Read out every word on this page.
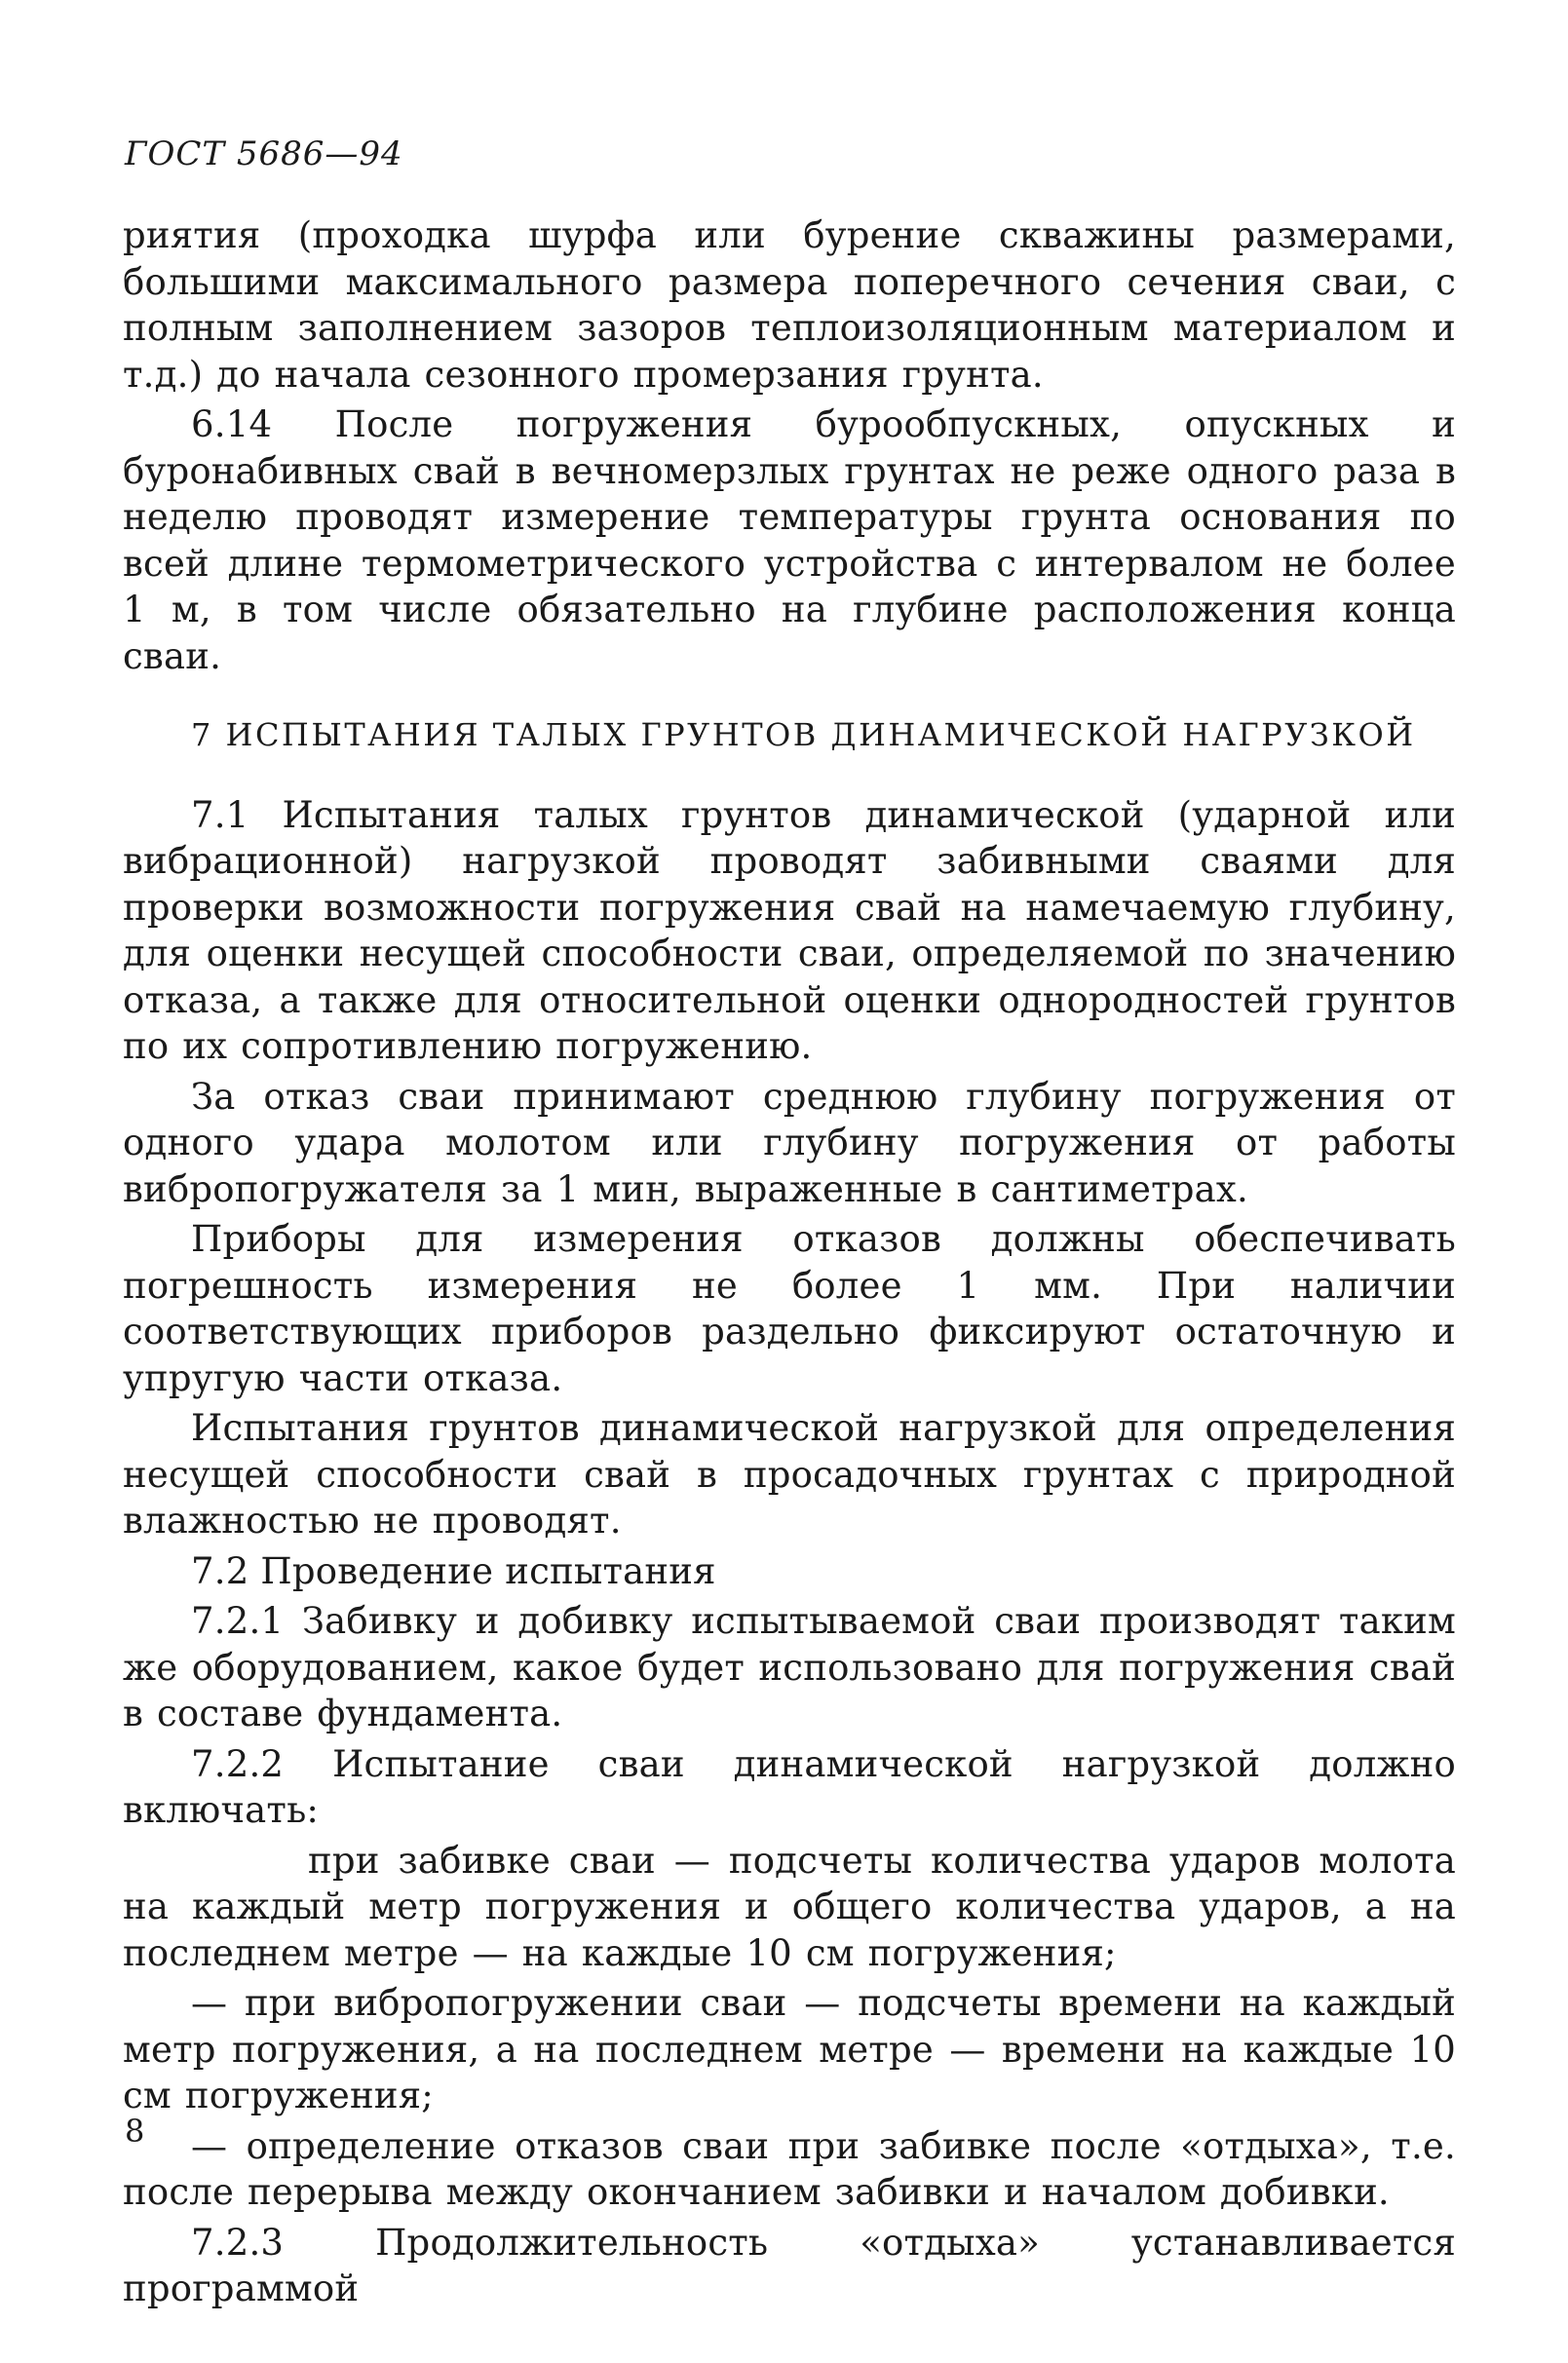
ГОСТ 5686—94

риятия (проходка шурфа или бурение скважины размерами, большими максимального размера поперечного сечения сваи, с полным заполнением зазоров теплоизоляционным материалом и т.д.) до начала сезонного промерзания грунта.

6.14 После погружения бурообпускных, опускных и буронабивных свай в вечномерзлых грунтах не реже одного раза в неделю проводят измерение температуры грунта основания по всей длине термометрического устройства с интервалом не более 1 м, в том числе обязательно на глубине расположения конца сваи.

7 ИСПЫТАНИЯ ТАЛЫХ ГРУНТОВ ДИНАМИЧЕСКОЙ НАГРУЗКОЙ

7.1 Испытания талых грунтов динамической (ударной или вибрационной) нагрузкой проводят забивными сваями для проверки возможности погружения свай на намечаемую глубину, для оценки несущей способности сваи, определяемой по значению отказа, а также для относительной оценки однородностей грунтов по их сопротивлению погружению.

За отказ сваи принимают среднюю глубину погружения от одного удара молотом или глубину погружения от работы вибропогружателя за 1 мин, выраженные в сантиметрах.

Приборы для измерения отказов должны обеспечивать погрешность измерения не более 1 мм. При наличии соответствующих приборов раздельно фиксируют остаточную и упругую части отказа.

Испытания грунтов динамической нагрузкой для определения несущей способности свай в просадочных грунтах с природной влажностью не проводят.

7.2 Проведение испытания

7.2.1 Забивку и добивку испытываемой сваи производят таким же оборудованием, какое будет использовано для погружения свай в составе фундамента.

7.2.2 Испытание сваи динамической нагрузкой должно включать:

при забивке сваи — подсчеты количества ударов молота на каждый метр погружения и общего количества ударов, а на последнем метре — на каждые 10 см погружения;

— при вибропогружении сваи — подсчеты времени на каждый метр погружения, а на последнем метре — времени на каждые 10 см погружения;

— определение отказов сваи при забивке после «отдыха», т.е. после перерыва между окончанием забивки и началом добивки.

7.2.3 Продолжительность «отдыха» устанавливается программой

8
